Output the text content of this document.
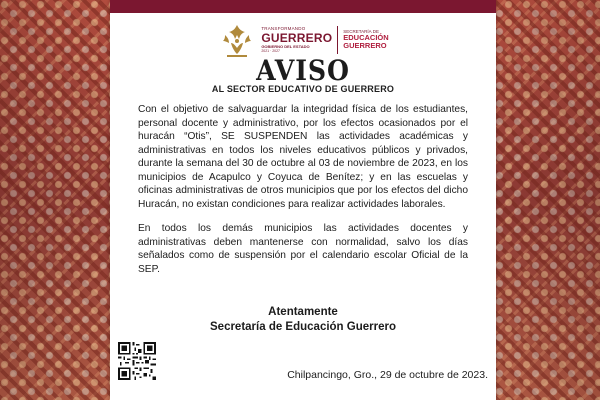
TRANSFORMANDO
GUERRERO
GOBIERNO DEL ESTADO
2021 · 2027
SECRETARÍA DE
EDUCACIÓN
GUERRERO
AVISO
AL SECTOR EDUCATIVO DE GUERRERO

Con el objetivo de salvaguardar la integridad física de los estudiantes, personal docente y administrativo, por los efectos ocasionados por el huracán “Otis”, SE SUSPENDEN las actividades académicas y administrativas en todos los niveles educativos públicos y privados, durante la semana del 30 de octubre al 03 de noviembre de 2023, en los municipios de Acapulco y Coyuca de Benítez; y en las escuelas y oficinas administrativas de otros municipios que por los efectos del dicho Huracán, no existan condiciones para realizar actividades laborales.

En todos los demás municipios las actividades docentes y administrativas deben mantenerse con normalidad, salvo los días señalados como de suspensión por el calendario escolar Oficial de la SEP.

Atentamente
Secretaría de Educación Guerrero
Chilpancingo, Gro., 29 de octubre de 2023.
